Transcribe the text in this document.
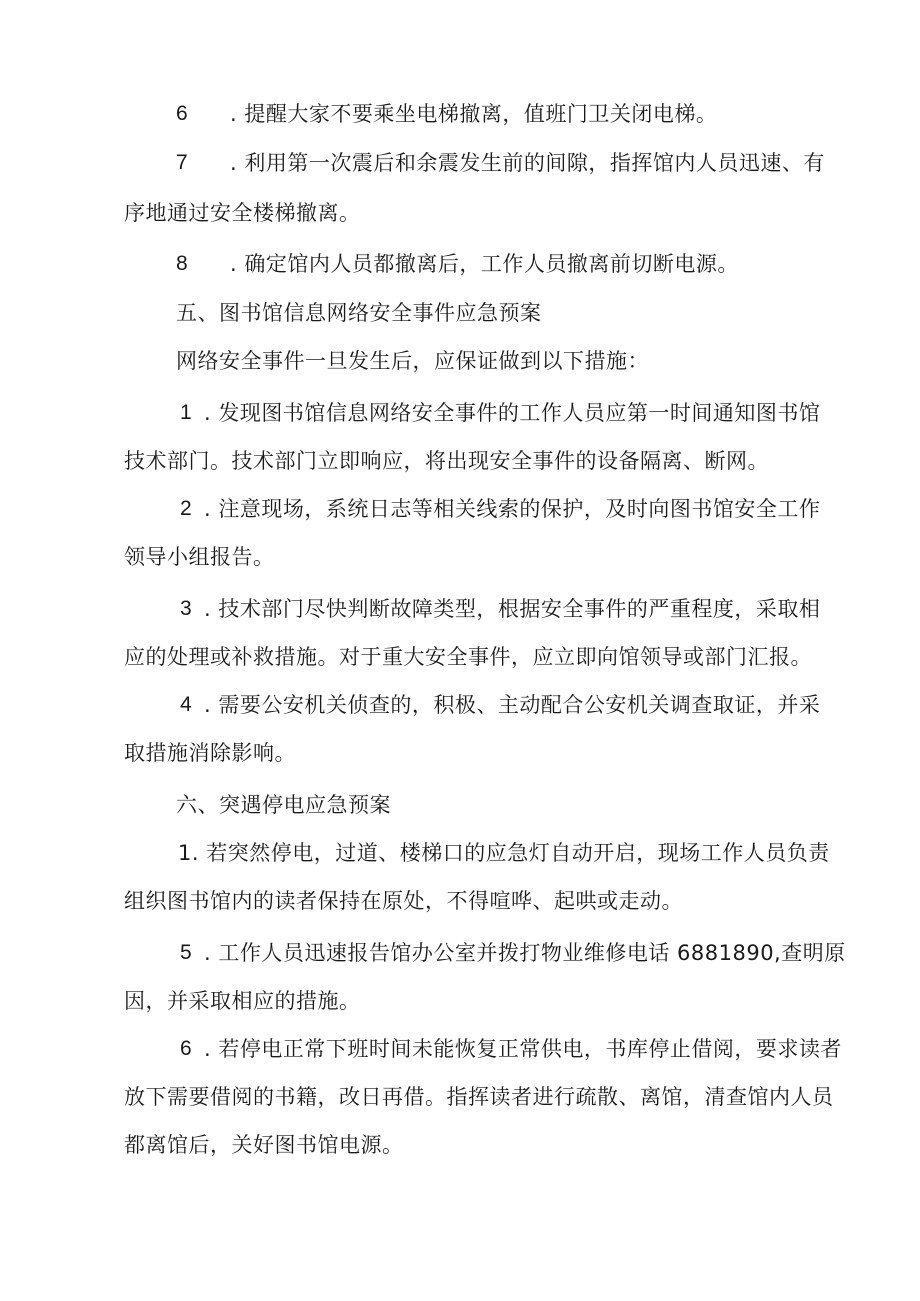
6 . 提醒大家不要乘坐电梯撤离，值班门卫关闭电梯。
7 . 利用第一次震后和余震发生前的间隙，指挥馆内人员迅速、有
序地通过安全楼梯撤离。
8 . 确定馆内人员都撤离后，工作人员撤离前切断电源。
五、图书馆信息网络安全事件应急预案
网络安全事件一旦发生后，应保证做到以下措施：
1 . 发现图书馆信息网络安全事件的工作人员应第一时间通知图书馆
技术部门。技术部门立即响应，将出现安全事件的设备隔离、断网。
2 . 注意现场，系统日志等相关线索的保护，及时向图书馆安全工作
领导小组报告。
3 . 技术部门尽快判断故障类型，根据安全事件的严重程度，采取相
应的处理或补救措施。对于重大安全事件，应立即向馆领导或部门汇报。
4 . 需要公安机关侦查的，积极、主动配合公安机关调查取证，并采
取措施消除影响。
六、突遇停电应急预案
1. 若突然停电，过道、楼梯口的应急灯自动开启，现场工作人员负责
组织图书馆内的读者保持在原处，不得喧哗、起哄或走动。
5 . 工作人员迅速报告馆办公室并拨打物业维修电话 6881890,查明原
因，并采取相应的措施。
6 . 若停电正常下班时间未能恢复正常供电，书库停止借阅，要求读者
放下需要借阅的书籍，改日再借。指挥读者进行疏散、离馆，清查馆内人员
都离馆后，关好图书馆电源。
